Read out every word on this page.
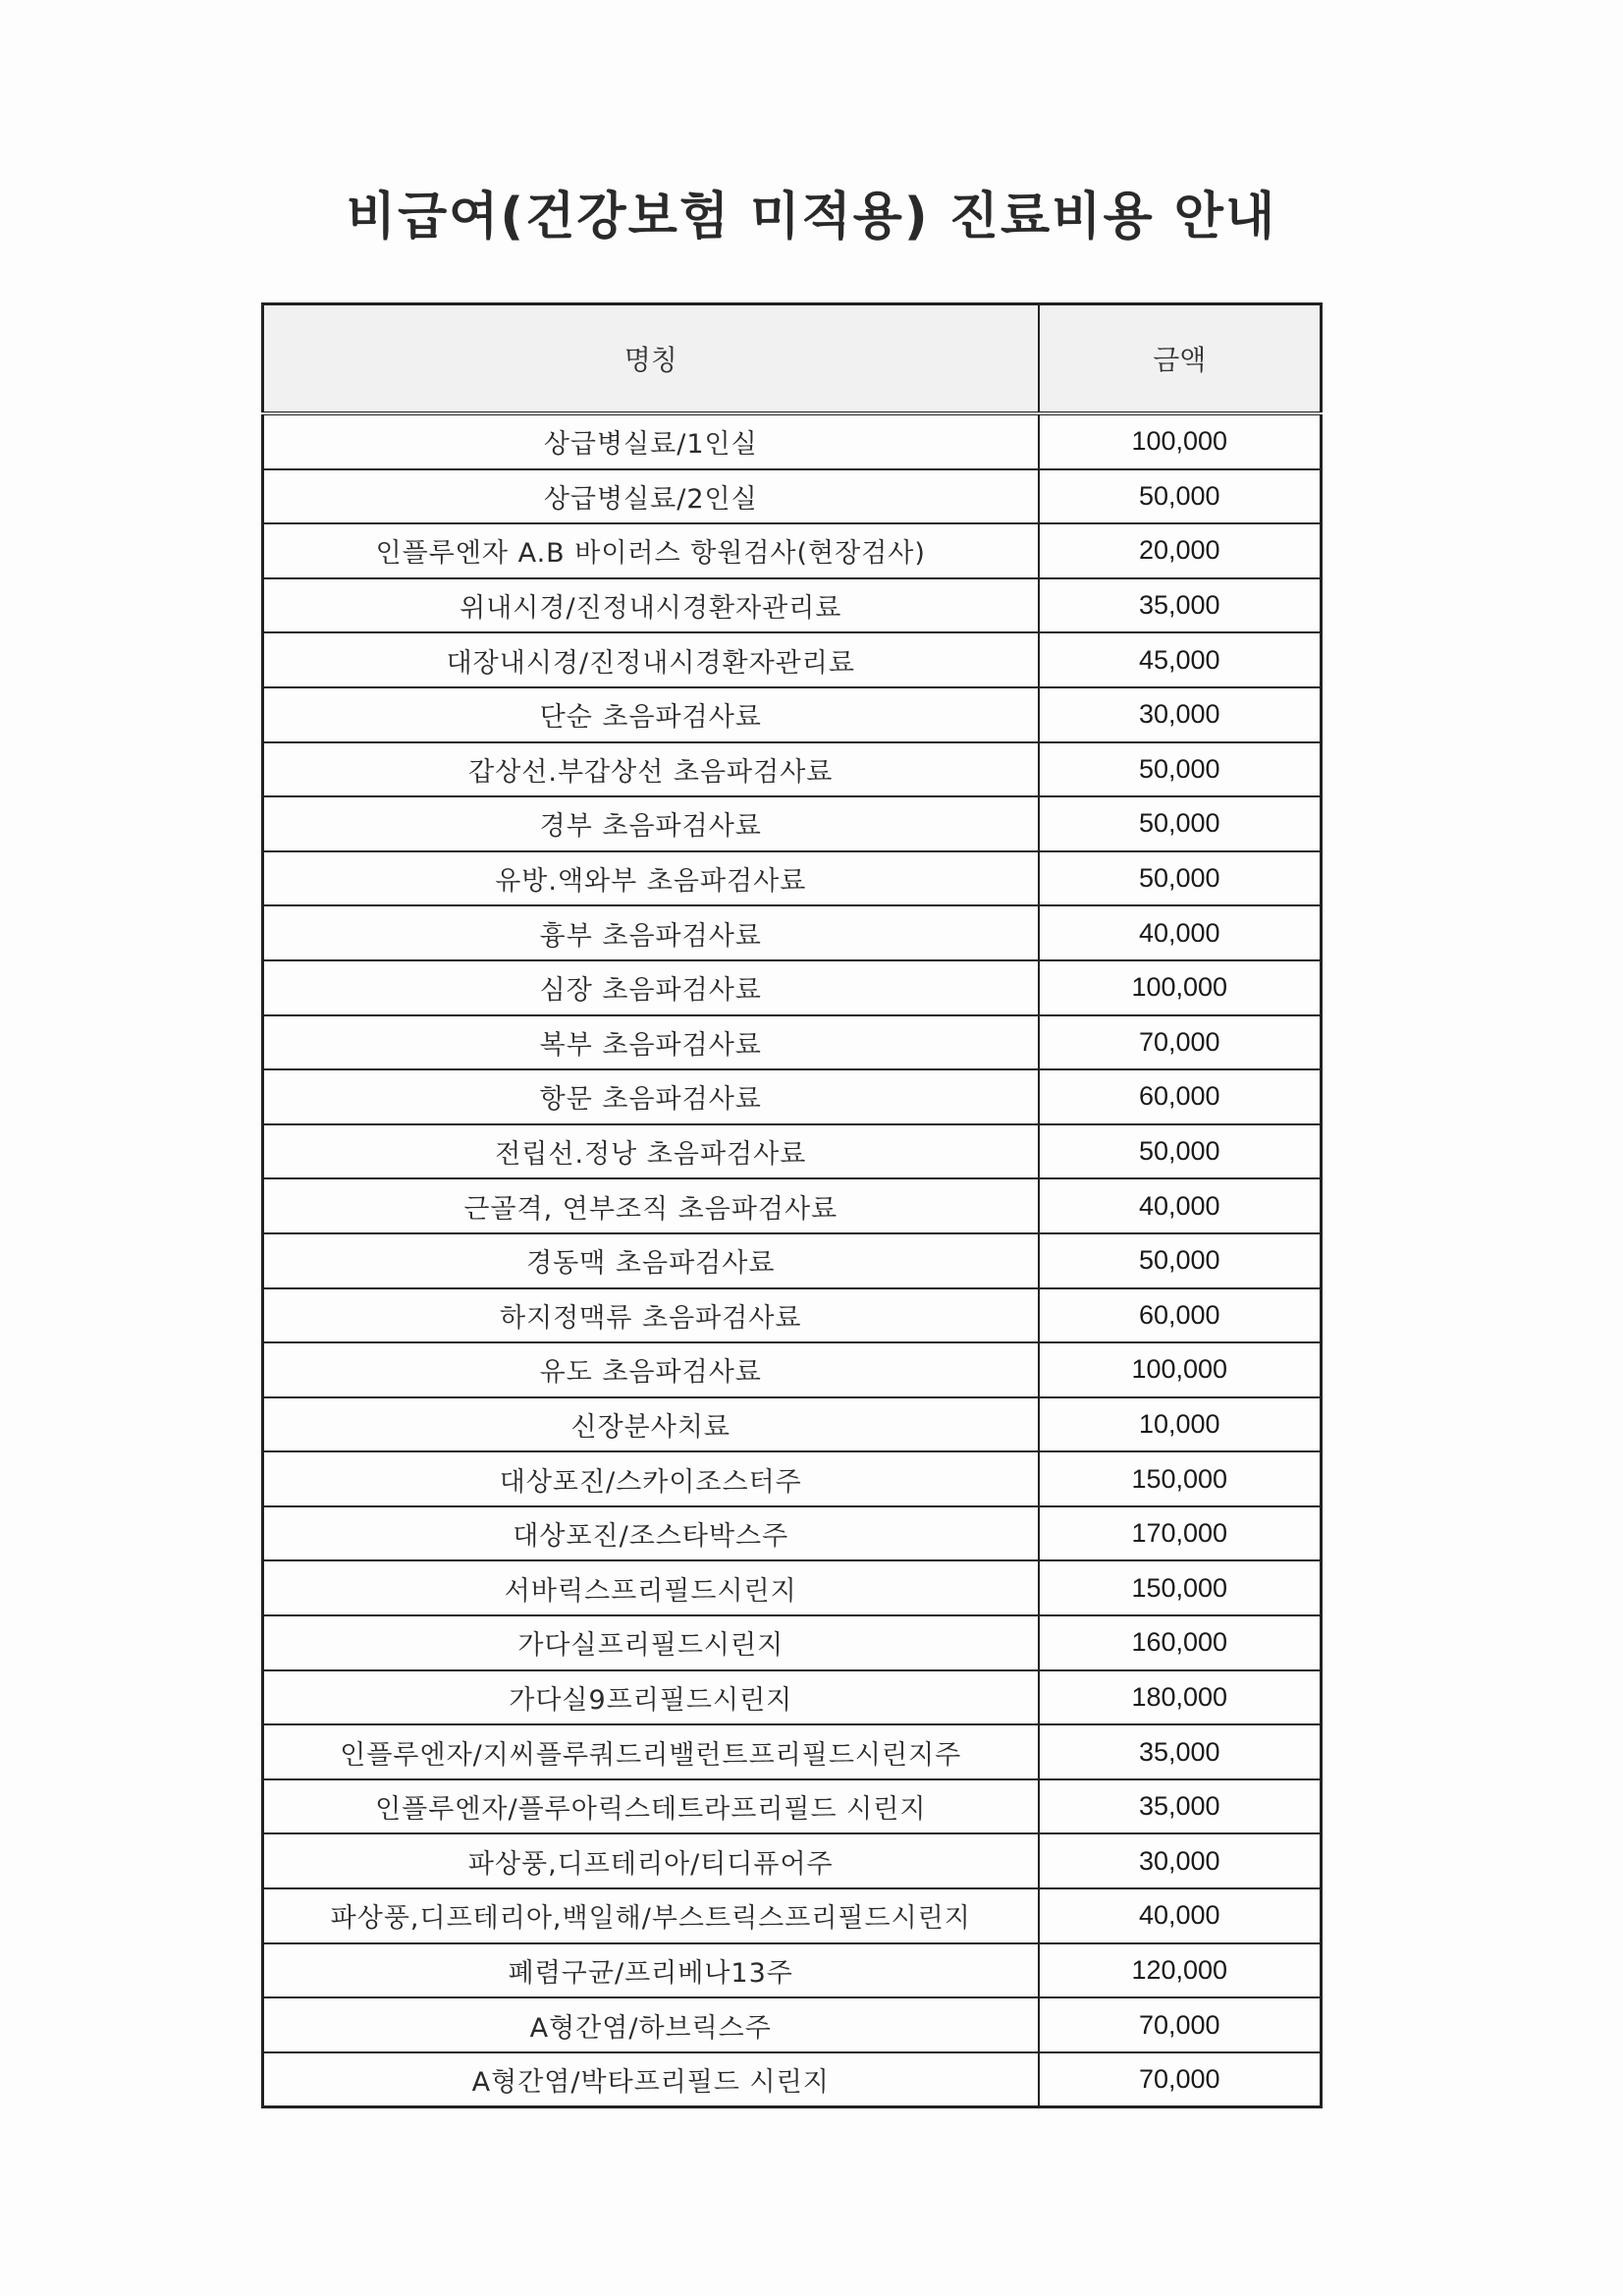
비급여(건강보험 미적용) 진료비용 안내
명칭	금액
상급병실료/1인실	100,000
상급병실료/2인실	50,000
인플루엔자 A.B 바이러스 항원검사(현장검사)	20,000
위내시경/진정내시경환자관리료	35,000
대장내시경/진정내시경환자관리료	45,000
단순 초음파검사료	30,000
갑상선.부갑상선 초음파검사료	50,000
경부 초음파검사료	50,000
유방.액와부 초음파검사료	50,000
흉부 초음파검사료	40,000
심장 초음파검사료	100,000
복부 초음파검사료	70,000
항문 초음파검사료	60,000
전립선.정낭 초음파검사료	50,000
근골격, 연부조직 초음파검사료	40,000
경동맥 초음파검사료	50,000
하지정맥류 초음파검사료	60,000
유도 초음파검사료	100,000
신장분사치료	10,000
대상포진/스카이조스터주	150,000
대상포진/조스타박스주	170,000
서바릭스프리필드시린지	150,000
가다실프리필드시린지	160,000
가다실9프리필드시린지	180,000
인플루엔자/지씨플루쿼드리밸런트프리필드시린지주	35,000
인플루엔자/플루아릭스테트라프리필드 시린지	35,000
파상풍,디프테리아/티디퓨어주	30,000
파상풍,디프테리아,백일해/부스트릭스프리필드시린지	40,000
폐렴구균/프리베나13주	120,000
A형간염/하브릭스주	70,000
A형간염/박타프리필드 시린지	70,000
